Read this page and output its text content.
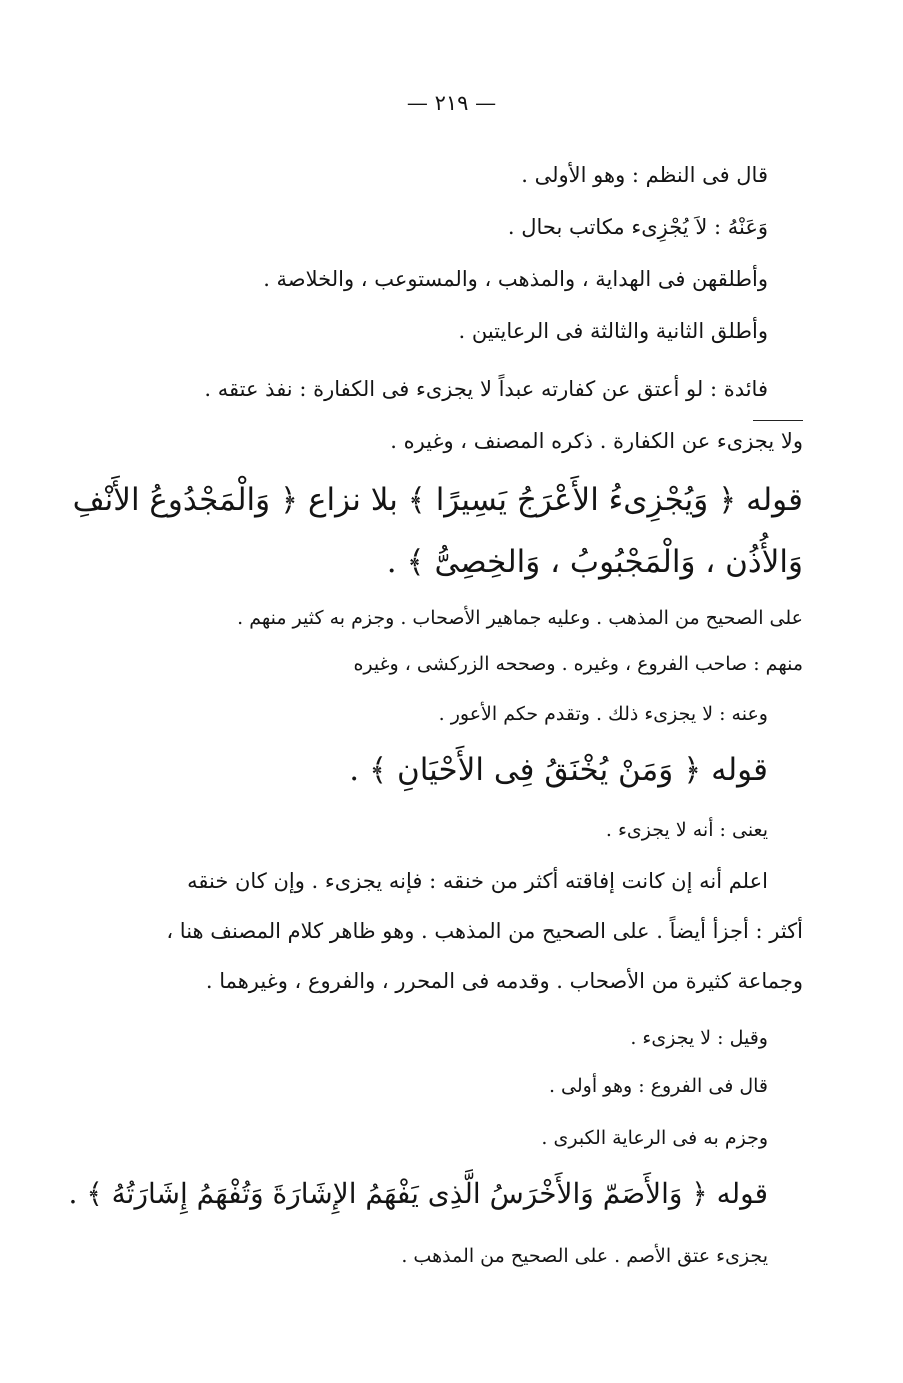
— ٢١٩ —
قال فى النظم : وهو الأولى .
وَعَنْهُ : لاَ يُجْزِىء مكاتب بحال .
وأطلقهن فى الهداية ، والمذهب ، والمستوعب ، والخلاصة .
وأطلق الثانية والثالثة فى الرعايتين .
فائدة : لو أعتق عن كفارته عبداً لا يجزىء فى الكفارة : نفذ عتقه .
ولا يجزىء عن الكفارة . ذكره المصنف ، وغيره .
قوله ﴿ وَيُجْزِىءُ الأَعْرَجُ يَسِيرًا ﴾ بلا نزاع ﴿ وَالْمَجْدُوعُ الأَنْفِ
وَالأُذُن ، وَالْمَجْبُوبُ ، وَالخِصِىُّ ﴾ .
على الصحيح من المذهب . وعليه جماهير الأصحاب . وجزم به كثير منهم .
منهم : صاحب الفروع ، وغيره . وصححه الزركشى ، وغيره
وعنه : لا يجزىء ذلك . وتقدم حكم الأعور .
قوله ﴿ وَمَنْ يُخْنَقُ فِى الأَحْيَانِ ﴾ .
يعنى : أنه لا يجزىء .
اعلم أنه إن كانت إفاقته أكثر من خنقه : فإنه يجزىء . وإن كان خنقه
أكثر : أجزأ أيضاً . على الصحيح من المذهب . وهو ظاهر كلام المصنف هنا ،
وجماعة كثيرة من الأصحاب . وقدمه فى المحرر ، والفروع ، وغيرهما .
وقيل : لا يجزىء .
قال فى الفروع : وهو أولى .
وجزم به فى الرعاية الكبرى .
قوله ﴿ وَالأَصَمّ وَالأَخْرَسُ الَّذِى يَفْهَمُ الإِشَارَةَ وَتُفْهَمُ إِشَارَتُهُ ﴾ .
يجزىء عتق الأصم . على الصحيح من المذهب .
